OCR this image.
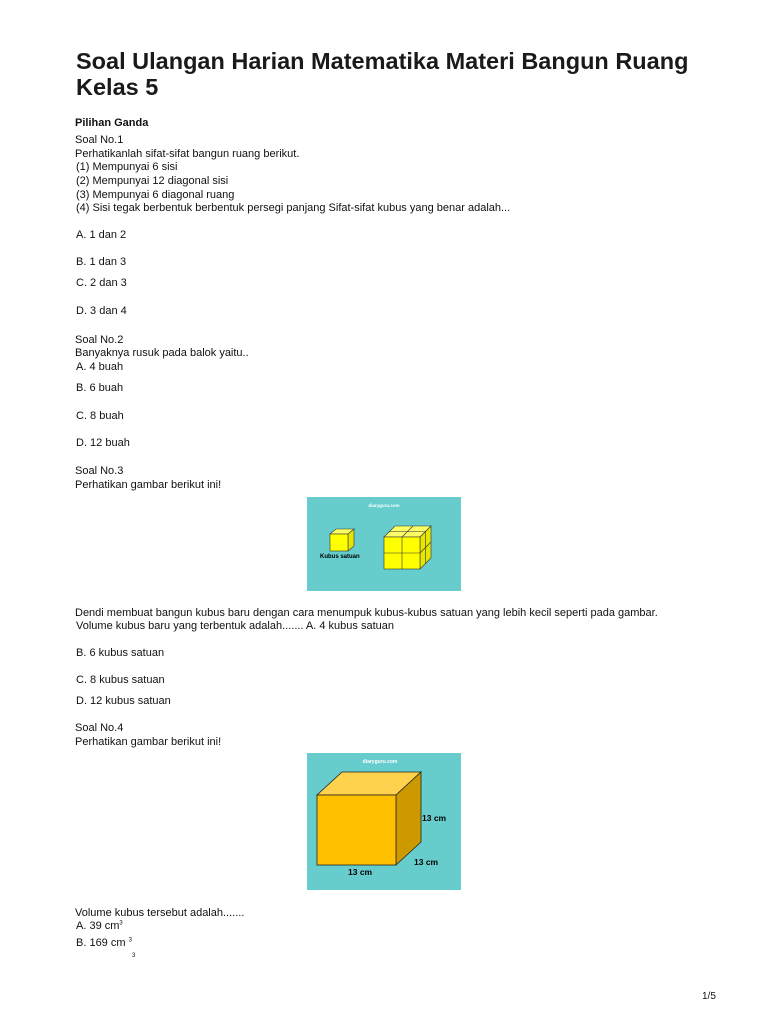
Soal Ulangan Harian Matematika Materi Bangun Ruang Kelas 5
Pilihan Ganda
Soal No.1
Perhatikanlah sifat-sifat bangun ruang berikut.
(1) Mempunyai 6 sisi
(2) Mempunyai 12 diagonal sisi
(3) Mempunyai 6 diagonal ruang
(4) Sisi tegak berbentuk berbentuk persegi panjang Sifat-sifat kubus yang benar adalah...
A. 1 dan 2
B. 1 dan 3
C. 2 dan 3
D. 3 dan 4
Soal No.2
Banyaknya rusuk pada balok yaitu..
A. 4 buah
B. 6 buah
C. 8 buah
D. 12 buah
Soal No.3
Perhatikan gambar berikut ini!
diaryguru.com
Kubus satuan
Dendi membuat bangun kubus baru dengan cara menumpuk kubus-kubus satuan yang lebih kecil seperti pada gambar.
Volume kubus baru yang terbentuk adalah....... A. 4 kubus satuan
B. 6 kubus satuan
C. 8 kubus satuan
D. 12 kubus satuan
Soal No.4
Perhatikan gambar berikut ini!
diaryguru.com
13 cm
13 cm
13 cm
Volume kubus tersebut adalah.......
A. 39 $cm^3$
B. 169 cm $^3$
3
1/5
